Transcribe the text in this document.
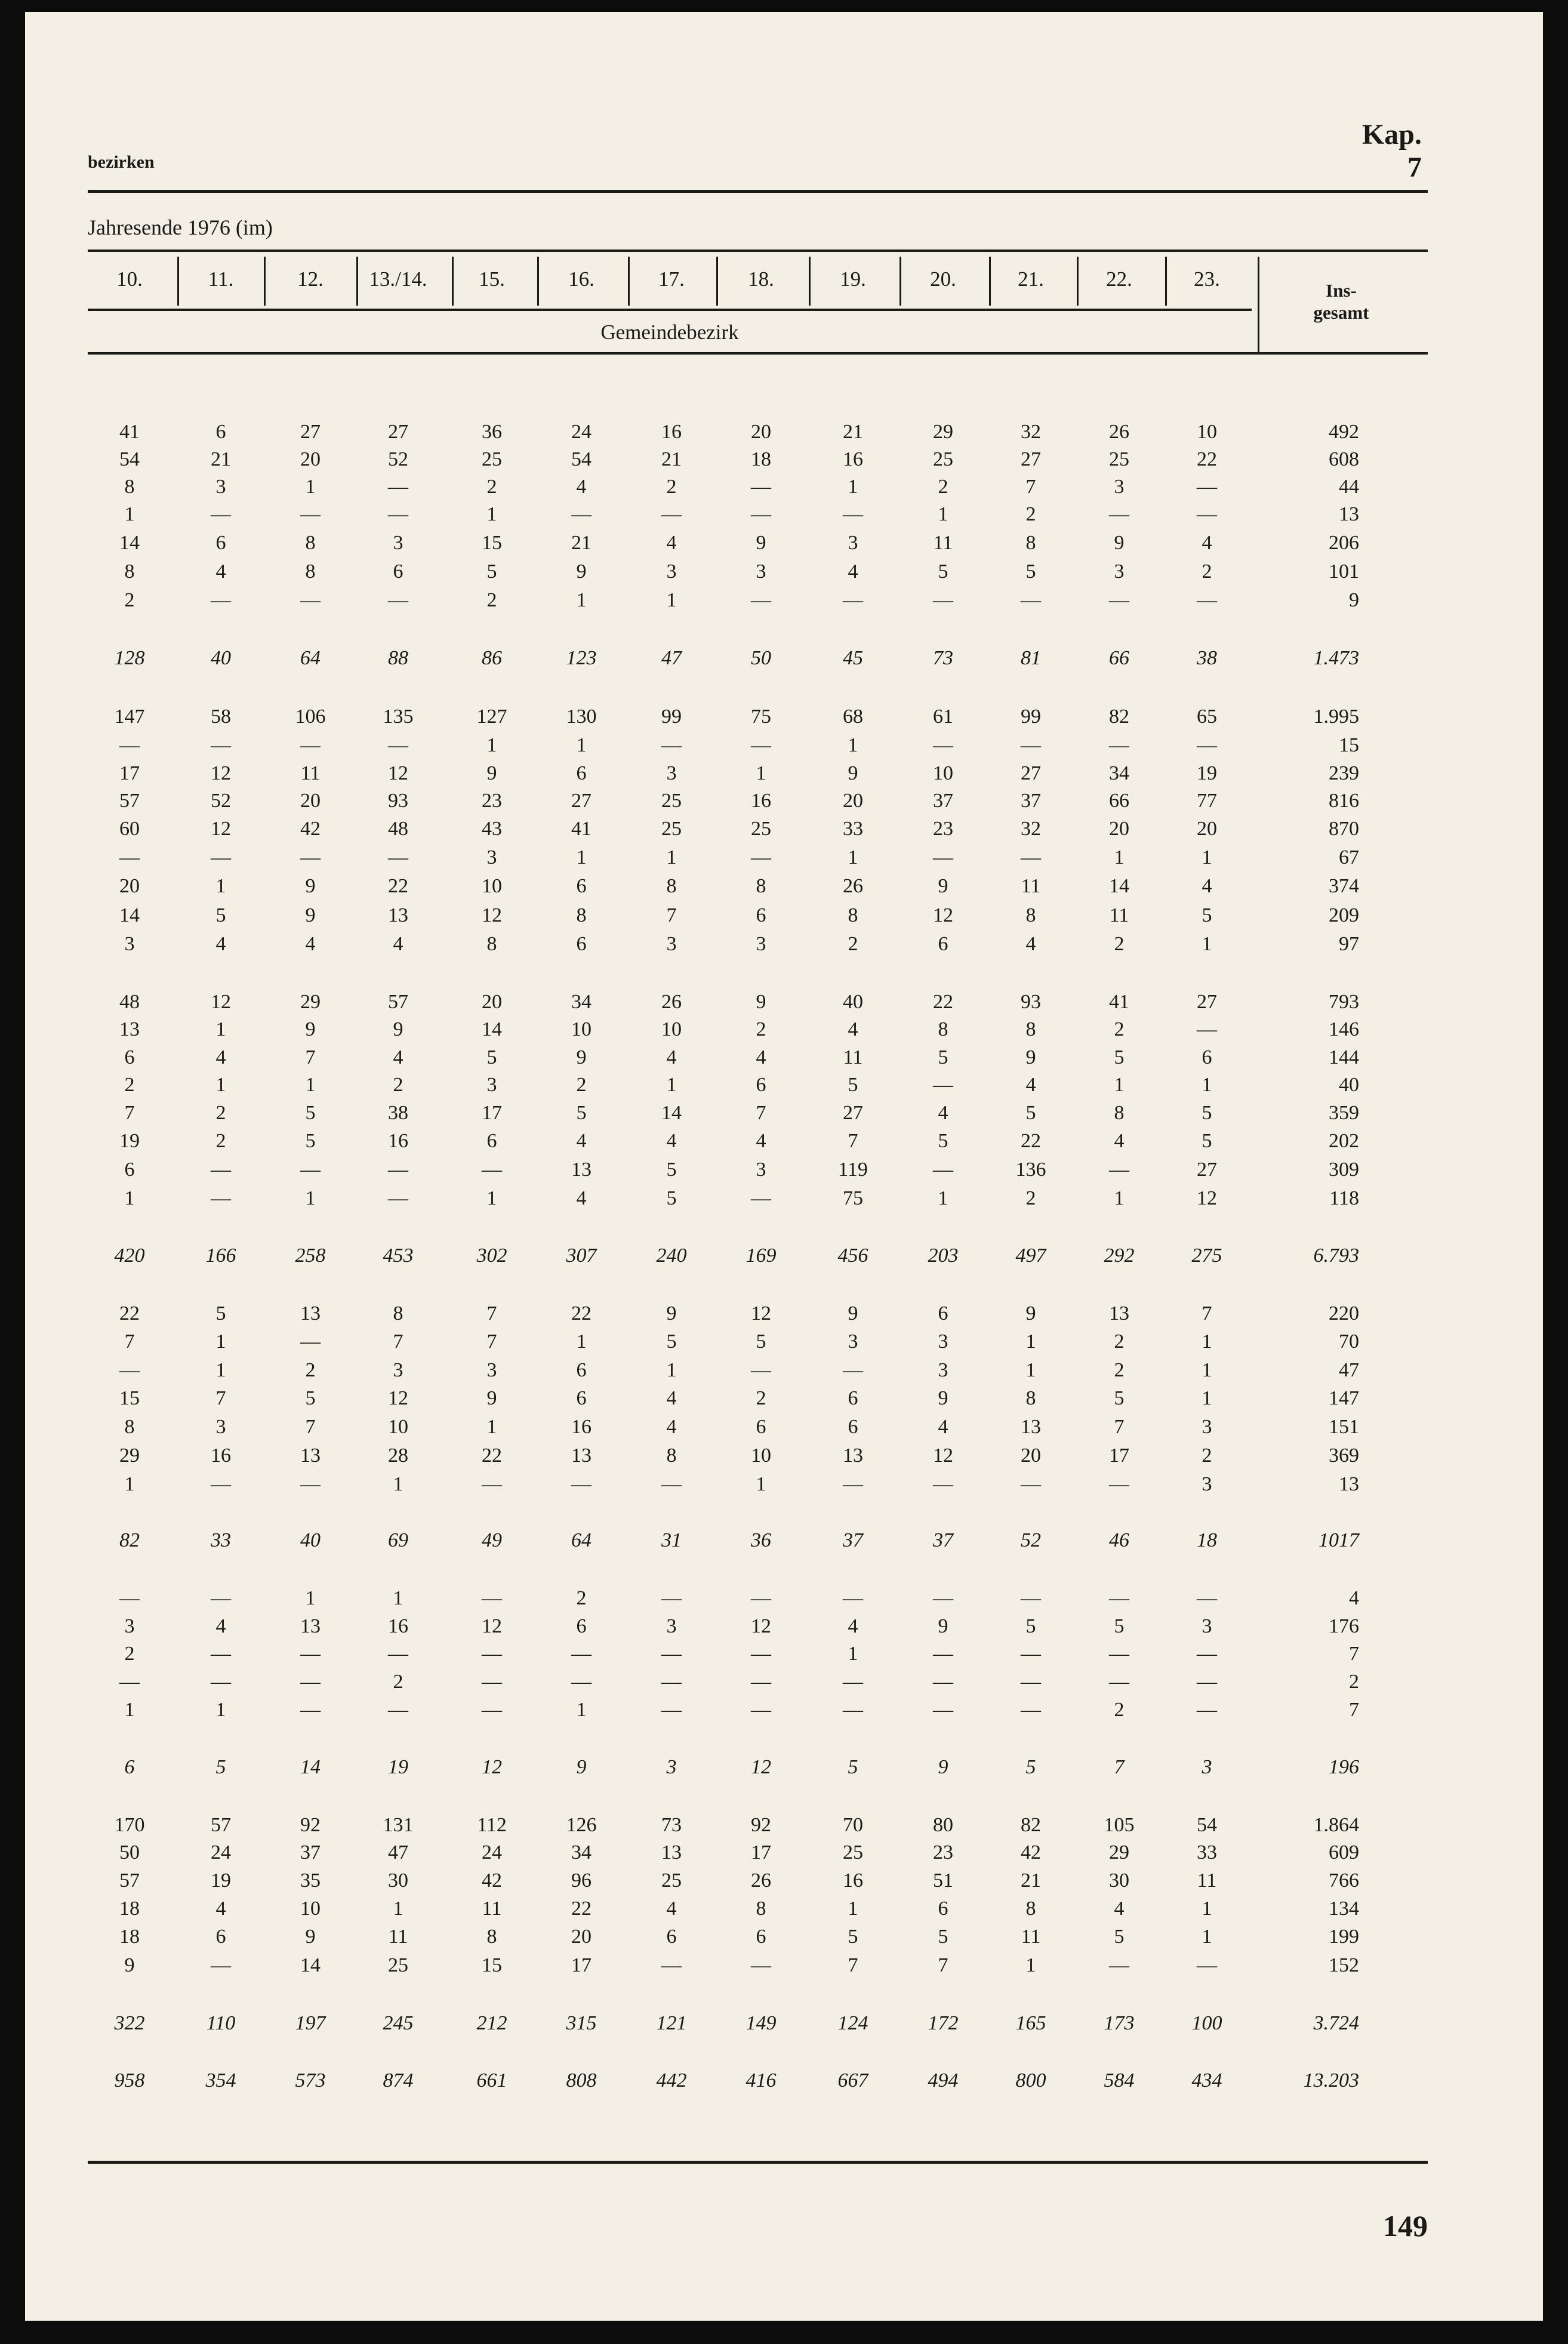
bezirken
Kap. 7
Jahresende 1976 (im)
10.	11.	12.	13./14.	15.	16.	17.	18.	19.	20.	21.	22.	23.
Gemeindebezirk
Ins-
gesamt
41	6	27	27	36	24	16	20	21	29	32	26	10	492
54	21	20	52	25	54	21	18	16	25	27	25	22	608
8	3	1	—	2	4	2	—	1	2	7	3	—	44
1	—	—	—	1	—	—	—	—	1	2	—	—	13
14	6	8	3	15	21	4	9	3	11	8	9	4	206
8	4	8	6	5	9	3	3	4	5	5	3	2	101
2	—	—	—	2	1	1	—	—	—	—	—	—	9
128	40	64	88	86	123	47	50	45	73	81	66	38	1.473
147	58	106	135	127	130	99	75	68	61	99	82	65	1.995
—	—	—	—	1	1	—	—	1	—	—	—	—	15
17	12	11	12	9	6	3	1	9	10	27	34	19	239
57	52	20	93	23	27	25	16	20	37	37	66	77	816
60	12	42	48	43	41	25	25	33	23	32	20	20	870
—	—	—	—	3	1	1	—	1	—	—	1	1	67
20	1	9	22	10	6	8	8	26	9	11	14	4	374
14	5	9	13	12	8	7	6	8	12	8	11	5	209
3	4	4	4	8	6	3	3	2	6	4	2	1	97
48	12	29	57	20	34	26	9	40	22	93	41	27	793
13	1	9	9	14	10	10	2	4	8	8	2	—	146
6	4	7	4	5	9	4	4	11	5	9	5	6	144
2	1	1	2	3	2	1	6	5	—	4	1	1	40
7	2	5	38	17	5	14	7	27	4	5	8	5	359
19	2	5	16	6	4	4	4	7	5	22	4	5	202
6	—	—	—	—	13	5	3	119	—	136	—	27	309
1	—	1	—	1	4	5	—	75	1	2	1	12	118
420	166	258	453	302	307	240	169	456	203	497	292	275	6.793
22	5	13	8	7	22	9	12	9	6	9	13	7	220
7	1	—	7	7	1	5	5	3	3	1	2	1	70
—	1	2	3	3	6	1	—	—	3	1	2	1	47
15	7	5	12	9	6	4	2	6	9	8	5	1	147
8	3	7	10	1	16	4	6	6	4	13	7	3	151
29	16	13	28	22	13	8	10	13	12	20	17	2	369
1	—	—	1	—	—	—	1	—	—	—	—	3	13
82	33	40	69	49	64	31	36	37	37	52	46	18	1017
—	—	1	1	—	2	—	—	—	—	—	—	—	4
3	4	13	16	12	6	3	12	4	9	5	5	3	176
2	—	—	—	—	—	—	—	1	—	—	—	—	7
—	—	—	2	—	—	—	—	—	—	—	—	—	2
1	1	—	—	—	1	—	—	—	—	—	2	—	7
6	5	14	19	12	9	3	12	5	9	5	7	3	196
170	57	92	131	112	126	73	92	70	80	82	105	54	1.864
50	24	37	47	24	34	13	17	25	23	42	29	33	609
57	19	35	30	42	96	25	26	16	51	21	30	11	766
18	4	10	1	11	22	4	8	1	6	8	4	1	134
18	6	9	11	8	20	6	6	5	5	11	5	1	199
9	—	14	25	15	17	—	—	7	7	1	—	—	152
322	110	197	245	212	315	121	149	124	172	165	173	100	3.724
958	354	573	874	661	808	442	416	667	494	800	584	434	13.203
149
